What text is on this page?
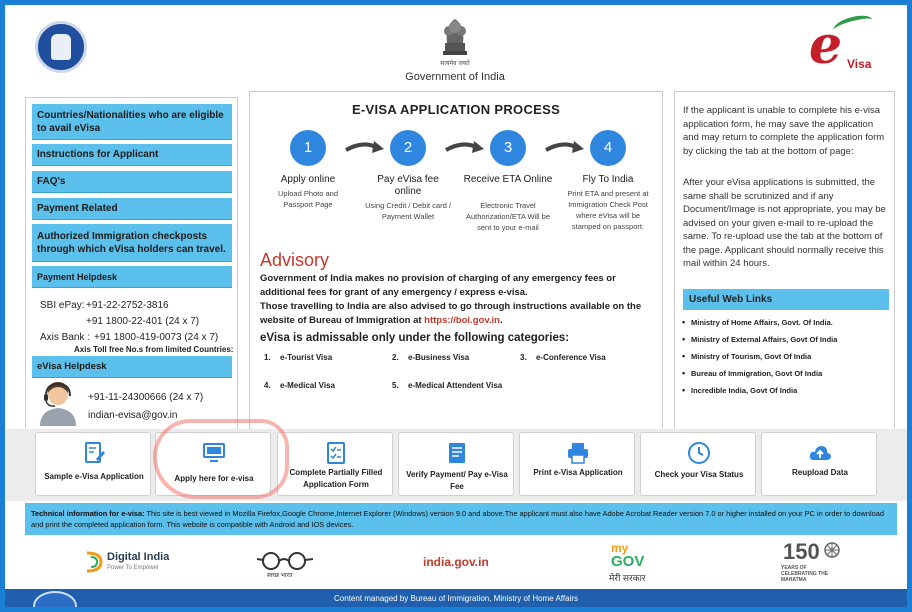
सत्यमेव जयते
Government of India
e Visa
Countries/Nationalities who are eligible to avail eVisa
Instructions for Applicant
FAQ's
Payment Related
Authorized Immigration checkposts through which eVisa holders can travel.
Payment Helpdesk
SBI ePay: +91-22-2752-3816
+91 1800-22-401 (24 x 7)
Axis Bank : +91 1800-419-0073 (24 x 7)
Axis Toll free No.s from limited Countries:
eVisa Helpdesk
+91-11-24300666 (24 x 7)
indian-evisa@gov.in
E-VISA APPLICATION PROCESS
1	2	3	4
Apply online
Upload Photo and Passport Page
Pay eVisa fee online
Using Credit / Debit card / Payment Wallet
Receive ETA Online
Electronic Travel Authorization/ETA Will be sent to your e-mail
Fly To India
Print ETA and present at Immigration Check Post where eVisa will be stamped on passport.
Advisory
Government of India makes no provision of charging of any emergency fees or additional fees for grant of any emergency / express e-visa.
Those travelling to India are also advised to go through instructions available on the website of Bureau of Immigration at https://boi.gov.in.
eVisa is admissable only under the following categories:
1. e-Tourist Visa	2. e-Business Visa	3. e-Conference Visa
4. e-Medical Visa	5. e-Medical Attendent Visa
If the applicant is unable to complete his e-visa application form, he may save the application and may return to complete the application form by clicking the tab at the bottom of page:
After your eVisa applications is submitted, the same shall be scrutinized and if any Document/Image is not appropriate, you may be advised on your given e-mail to re-upload the same. To re-upload use the tab at the bottom of the page. Applicant should normally receive this mail within 24 hours.
Useful Web Links
• Ministry of Home Affairs, Govt. Of India.
• Ministry of External Affairs, Govt Of India
• Ministry of Tourism, Govt Of India
• Bureau of Immigration, Govt Of India
• Incredible India, Govt Of India
Sample e-Visa Application	Apply here for e-visa
Complete Partially Filled Application Form
Verify Payment/ Pay e-Visa Fee
Print e-Visa Application	Check your Visa Status	Reupload Data
Technical information for e-visa: This site is best viewed in Mozilla Firefox,Google Chrome,Internet Explorer (Windows) version 9.0 and above.The applicant must also have Adobe Acrobat Reader version 7.0 or higher installed on your PC in order to download and print the completed application form. This website is compatible with Android and IOS devices.
Digital India
Power To Empower
स्वच्छ भारत
india.gov.in
my
GOV
मेरी सरकार
150
YEARS OF CELEBRATING THE MAHATMA
Content managed by Bureau of Immigration, Ministry of Home Affairs
